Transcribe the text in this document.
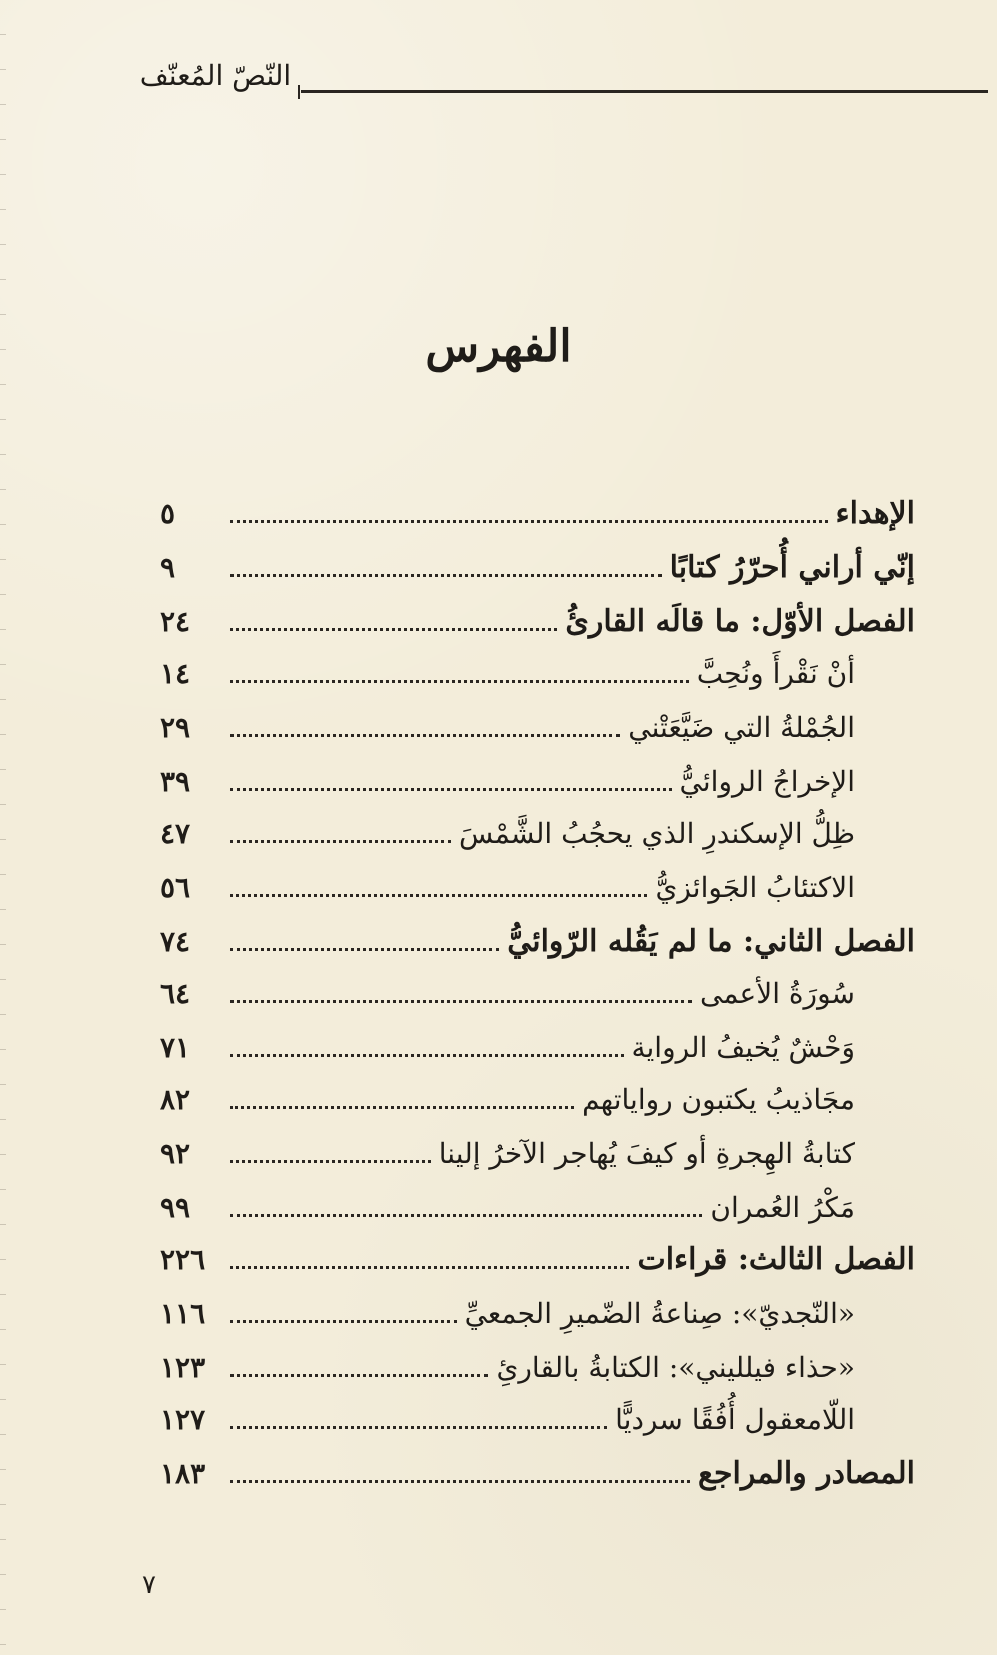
النّصّ المُعنّف
الفهرس
الإهداء
٥
إنّي أراني أُحرّرُ كتابًا
٩
الفصل الأوّل: ما قالَه القارئُ
٢٤
أنْ نَقْرأَ ونُحِبَّ
١٤
الجُمْلةُ التي ضَيَّعَتْني
٢٩
الإخراجُ الروائيُّ
٣٩
ظِلُّ الإسكندرِ الذي يحجُبُ الشَّمْسَ
٤٧
الاكتئابُ الجَوائزيُّ
٥٦
الفصل الثاني: ما لم يَقُله الرّوائيُّ
٧٤
سُورَةُ الأعمى
٦٤
وَحْشٌ يُخيفُ الرواية
٧١
مجَاذيبُ يكتبون رواياتهم
٨٢
كتابةُ الهِجرةِ أو كيفَ يُهاجر الآخرُ إلينا
٩٢
مَكْرُ العُمران
٩٩
الفصل الثالث: قراءات
٢٢٦
«النّجديّ»: صِناعةُ الضّميرِ الجمعيِّ
١١٦
«حذاء فيلليني»: الكتابةُ بالقارئِ
١٢٣
اللّامعقول أُفُقًا سرديًّا
١٢٧
المصادر والمراجع
١٨٣
٧
